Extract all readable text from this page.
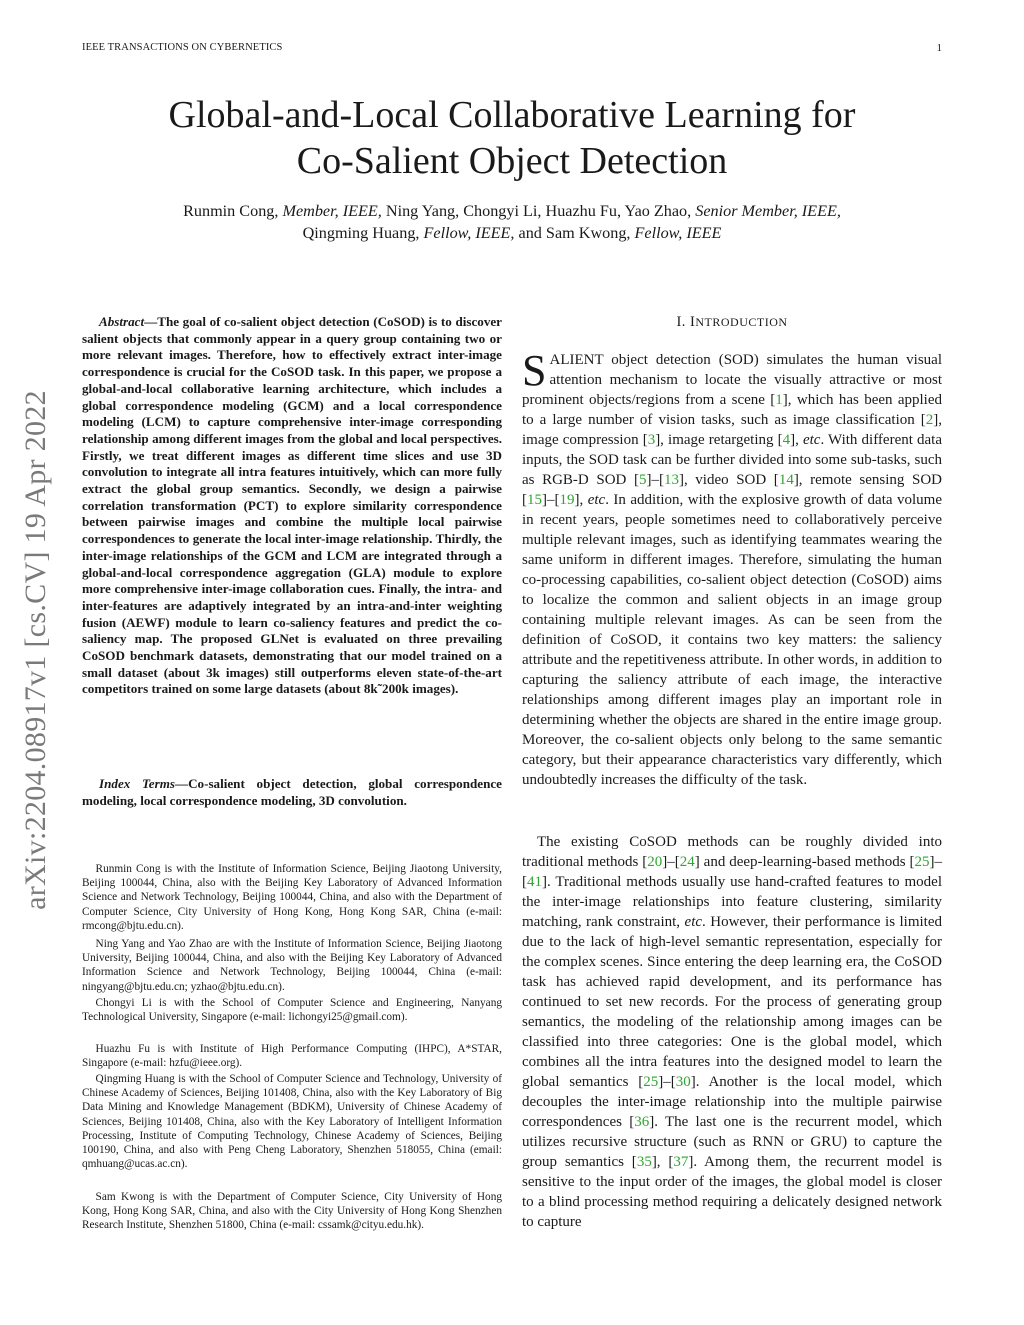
IEEE TRANSACTIONS ON CYBERNETICS	1
Global-and-Local Collaborative Learning for
Co-Salient Object Detection
Runmin Cong, Member, IEEE, Ning Yang, Chongyi Li, Huazhu Fu, Yao Zhao, Senior Member, IEEE,
Qingming Huang, Fellow, IEEE, and Sam Kwong, Fellow, IEEE
arXiv:2204.08917v1 [cs.CV] 19 Apr 2022
Abstract—The goal of co-salient object detection (CoSOD) is to discover salient objects that commonly appear in a query group containing two or more relevant images. Therefore, how to effectively extract inter-image correspondence is crucial for the CoSOD task. In this paper, we propose a global-and-local collaborative learning architecture, which includes a global correspondence modeling (GCM) and a local correspondence modeling (LCM) to capture comprehensive inter-image corresponding relationship among different images from the global and local perspectives. Firstly, we treat different images as different time slices and use 3D convolution to integrate all intra features intuitively, which can more fully extract the global group semantics. Secondly, we design a pairwise correlation transformation (PCT) to explore similarity correspondence between pairwise images and combine the multiple local pairwise correspondences to generate the local inter-image relationship. Thirdly, the inter-image relationships of the GCM and LCM are integrated through a global-and-local correspondence aggregation (GLA) module to explore more comprehensive inter-image collaboration cues. Finally, the intra- and inter-features are adaptively integrated by an intra-and-inter weighting fusion (AEWF) module to learn co-saliency features and predict the co-saliency map. The proposed GLNet is evaluated on three prevailing CoSOD benchmark datasets, demonstrating that our model trained on a small dataset (about 3k images) still outperforms eleven state-of-the-art competitors trained on some large datasets (about 8k˜200k images).
Index Terms—Co-salient object detection, global correspondence modeling, local correspondence modeling, 3D convolution.
Runmin Cong is with the Institute of Information Science, Beijing Jiaotong University, Beijing 100044, China, also with the Beijing Key Laboratory of Advanced Information Science and Network Technology, Beijing 100044, China, and also with the Department of Computer Science, City University of Hong Kong, Hong Kong SAR, China (e-mail: rmcong@bjtu.edu.cn).
Ning Yang and Yao Zhao are with the Institute of Information Science, Beijing Jiaotong University, Beijing 100044, China, and also with the Beijing Key Laboratory of Advanced Information Science and Network Technology, Beijing 100044, China (e-mail: ningyang@bjtu.edu.cn; yzhao@bjtu.edu.cn).
Chongyi Li is with the School of Computer Science and Engineering, Nanyang Technological University, Singapore (e-mail: lichongyi25@gmail.com).
Huazhu Fu is with Institute of High Performance Computing (IHPC), A*STAR, Singapore (e-mail: hzfu@ieee.org).
Qingming Huang is with the School of Computer Science and Technology, University of Chinese Academy of Sciences, Beijing 101408, China, also with the Key Laboratory of Big Data Mining and Knowledge Management (BDKM), University of Chinese Academy of Sciences, Beijing 101408, China, also with the Key Laboratory of Intelligent Information Processing, Institute of Computing Technology, Chinese Academy of Sciences, Beijing 100190, China, and also with Peng Cheng Laboratory, Shenzhen 518055, China (email: qmhuang@ucas.ac.cn).
Sam Kwong is with the Department of Computer Science, City University of Hong Kong, Hong Kong SAR, China, and also with the City University of Hong Kong Shenzhen Research Institute, Shenzhen 51800, China (e-mail: cssamk@cityu.edu.hk).
I. INTRODUCTION
SALIENT object detection (SOD) simulates the human visual attention mechanism to locate the visually attractive or most prominent objects/regions from a scene [1], which has been applied to a large number of vision tasks, such as image classification [2], image compression [3], image retargeting [4], etc. With different data inputs, the SOD task can be further divided into some sub-tasks, such as RGB-D SOD [5]–[13], video SOD [14], remote sensing SOD [15]–[19], etc. In addition, with the explosive growth of data volume in recent years, people sometimes need to collaboratively perceive multiple relevant images, such as identifying teammates wearing the same uniform in different images. Therefore, simulating the human co-processing capabilities, co-salient object detection (CoSOD) aims to localize the common and salient objects in an image group containing multiple relevant images. As can be seen from the definition of CoSOD, it contains two key matters: the saliency attribute and the repetitiveness attribute. In other words, in addition to capturing the saliency attribute of each image, the interactive relationships among different images play an important role in determining whether the objects are shared in the entire image group. Moreover, the co-salient objects only belong to the same semantic category, but their appearance characteristics vary differently, which undoubtedly increases the difficulty of the task.
The existing CoSOD methods can be roughly divided into traditional methods [20]–[24] and deep-learning-based methods [25]–[41]. Traditional methods usually use hand-crafted features to model the inter-image relationships into feature clustering, similarity matching, rank constraint, etc. However, their performance is limited due to the lack of high-level semantic representation, especially for the complex scenes. Since entering the deep learning era, the CoSOD task has achieved rapid development, and its performance has continued to set new records. For the process of generating group semantics, the modeling of the relationship among images can be classified into three categories: One is the global model, which combines all the intra features into the designed model to learn the global semantics [25]–[30]. Another is the local model, which decouples the inter-image relationship into the multiple pairwise correspondences [36]. The last one is the recurrent model, which utilizes recursive structure (such as RNN or GRU) to capture the group semantics [35], [37]. Among them, the recurrent model is sensitive to the input order of the images, the global model is closer to a blind processing method requiring a delicately designed network to capture
